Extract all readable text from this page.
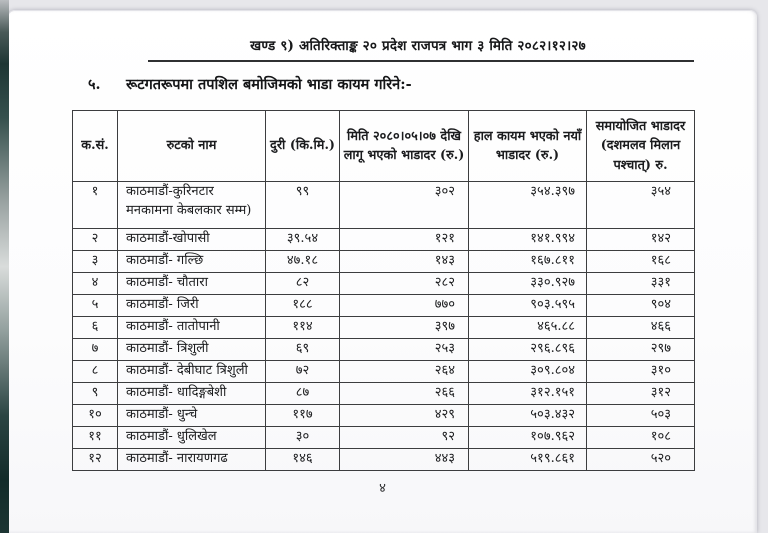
खण्ड ९) अतिरिक्ताङ्क २० प्रदेश राजपत्र भाग ३ मिति २०८२।१२।२७
५. रूटगतरूपमा तपशिल बमोजिमको भाडा कायम गरिने:-
क.सं.	रुटको नाम	दुरी (कि.मि.)	मिति २०८०।०५।०७ देखि लागू भएको भाडादर (रु.)	हाल कायम भएको नयाँ भाडादर (रु.)	समायोजित भाडादर (दशमलव मिलान पश्चात्) रु.
१	काठमाडौं-कुरिनटार मनकामना केबलकार सम्म)	९९	३०२	३५४.३९७	३५४
२	काठमाडौं-खोपासी	३९.५४	१२१	१४१.९९४	१४२
३	काठमाडौं- गल्छि	४७.१८	१४३	१६७.८११	१६८
४	काठमाडौं- चौतारा	८२	२८२	३३०.९२७	३३१
५	काठमाडौं- जिरी	१८८	७७०	९०३.५९५	९०४
६	काठमाडौं- तातोपानी	११४	३९७	४६५.८८	४६६
७	काठमाडौं- त्रिशुली	६९	२५३	२९६.८९६	२९७
८	काठमाडौं- देबीघाट त्रिशुली	७२	२६४	३०९.८०४	३१०
९	काठमाडौं- धादिङ्गबेशी	८७	२६६	३१२.१५१	३१२
१०	काठमाडौं- धुन्चे	११७	४२९	५०३.४३२	५०३
११	काठमाडौं- धुलिखेल	३०	९२	१०७.९६२	१०८
१२	काठमाडौं- नारायणगढ	१४६	४४३	५१९.८६१	५२०
४
